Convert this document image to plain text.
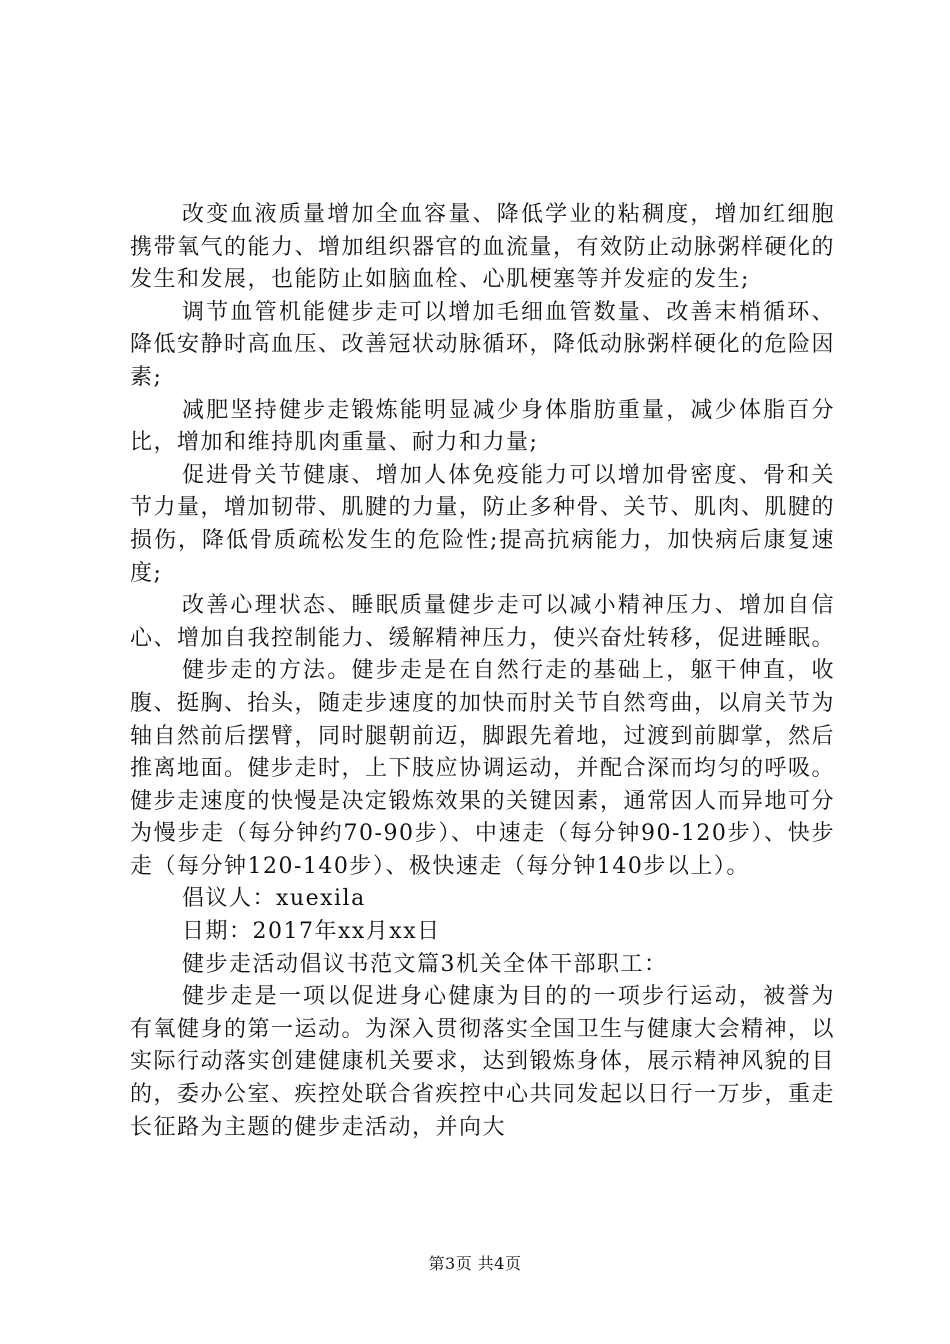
改变血液质量增加全血容量、降低学业的粘稠度，增加红细胞携带氧气的能力、增加组织器官的血流量，有效防止动脉粥样硬化的发生和发展，也能防止如脑血栓、心肌梗塞等并发症的发生;

调节血管机能健步走可以增加毛细血管数量、改善末梢循环、降低安静时高血压、改善冠状动脉循环，降低动脉粥样硬化的危险因素;

减肥坚持健步走锻炼能明显减少身体脂肪重量，减少体脂百分比，增加和维持肌肉重量、耐力和力量;

促进骨关节健康、增加人体免疫能力可以增加骨密度、骨和关节力量，增加韧带、肌腱的力量，防止多种骨、关节、肌肉、肌腱的损伤，降低骨质疏松发生的危险性;提高抗病能力，加快病后康复速度;

改善心理状态、睡眠质量健步走可以减小精神压力、增加自信心、增加自我控制能力、缓解精神压力，使兴奋灶转移，促进睡眠。

健步走的方法。健步走是在自然行走的基础上，躯干伸直，收腹、挺胸、抬头，随走步速度的加快而肘关节自然弯曲，以肩关节为轴自然前后摆臂，同时腿朝前迈，脚跟先着地，过渡到前脚掌，然后推离地面。健步走时，上下肢应协调运动，并配合深而均匀的呼吸。健步走速度的快慢是决定锻炼效果的关键因素，通常因人而异地可分为慢步走（每分钟约70-90步）、中速走（每分钟90-120步）、快步走（每分钟120-140步）、极快速走（每分钟140步以上）。

倡议人：xuexila

日期：2017年xx月xx日

健步走活动倡议书范文篇3机关全体干部职工：

健步走是一项以促进身心健康为目的的一项步行运动，被誉为有氧健身的第一运动。为深入贯彻落实全国卫生与健康大会精神，以实际行动落实创建健康机关要求，达到锻炼身体，展示精神风貌的目的，委办公室、疾控处联合省疾控中心共同发起以日行一万步，重走长征路为主题的健步走活动，并向大

第3页 共4页
